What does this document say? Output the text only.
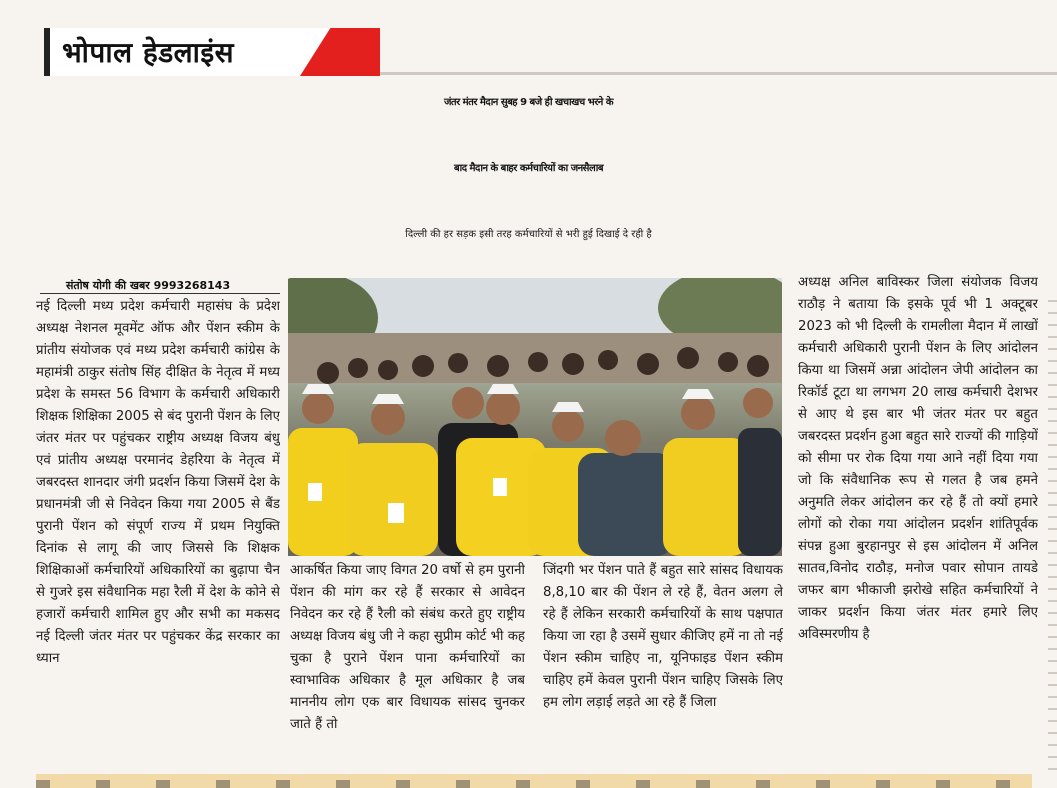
भोपाल हेडलाइंस
जंतर मंतर मैदान सुबह 9 बजे ही खचाखच भरने के
बाद मैदान के बाहर कर्मचारियों का जनसैलाब
दिल्ली की हर सड़क इसी तरह कर्मचारियों से भरी हुई दिखाई दे रही है
संतोष योगी की खबर 9993268143
नई दिल्ली मध्य प्रदेश कर्मचारी महासंघ के प्रदेश अध्यक्ष नेशनल मूवमेंट ऑफ और पेंशन स्कीम के प्रांतीय संयोजक एवं मध्य प्रदेश कर्मचारी कांग्रेस के महामंत्री ठाकुर संतोष सिंह दीक्षित के नेतृत्व में मध्य प्रदेश के समस्त 56 विभाग के कर्मचारी अधिकारी शिक्षक शिक्षिका 2005 से बंद पुरानी पेंशन के लिए जंतर मंतर पर पहुंचकर राष्ट्रीय अध्यक्ष विजय बंधु एवं प्रांतीय अध्यक्ष परमानंद डेहरिया के नेतृत्व में जबरदस्त शानदार जंगी प्रदर्शन किया जिसमें देश के प्रधानमंत्री जी से निवेदन किया गया 2005 से बैंड पुरानी पेंशन को संपूर्ण राज्य में प्रथम नियुक्ति दिनांक से लागू की जाए जिससे कि शिक्षक शिक्षिकाओं कर्मचारियों अधिकारियों का बुढ़ापा चैन से गुजरे इस संवैधानिक महा रैली में देश के कोने से हजारों कर्मचारी शामिल हुए और सभी का मकसद नई दिल्ली जंतर मंतर पर पहुंचकर केंद्र सरकार का ध्यान
आकर्षित किया जाए विगत 20 वर्षो से हम पुरानी पेंशन की मांग कर रहे हैं सरकार से आवेदन निवेदन कर रहे हैं रैली को संबंध करते हुए राष्ट्रीय अध्यक्ष विजय बंधु जी ने कहा सुप्रीम कोर्ट भी कह चुका है पुराने पेंशन पाना कर्मचारियों का स्वाभाविक अधिकार है मूल अधिकार है जब माननीय लोग एक बार विधायक सांसद चुनकर जाते हैं तो
जिंदगी भर पेंशन पाते हैं बहुत सारे सांसद विधायक 8,8,10 बार की पेंशन ले रहे हैं, वेतन अलग ले रहे हैं लेकिन सरकारी कर्मचारियों के साथ पक्षपात किया जा रहा है उसमें सुधार कीजिए हमें ना तो नई पेंशन स्कीम चाहिए ना, यूनिफाइड पेंशन स्कीम चाहिए हमें केवल पुरानी पेंशन चाहिए जिसके लिए हम लोग लड़ाई लड़ते आ रहे हैं जिला
अध्यक्ष अनिल बाविस्कर जिला संयोजक विजय राठौड़ ने बताया कि इसके पूर्व भी 1 अक्टूबर 2023 को भी दिल्ली के रामलीला मैदान में लाखों कर्मचारी अधिकारी पुरानी पेंशन के लिए आंदोलन किया था जिसमें अन्ना आंदोलन जेपी आंदोलन का रिकॉर्ड टूटा था लगभग 20 लाख कर्मचारी देशभर से आए थे इस बार भी जंतर मंतर पर बहुत जबरदस्त प्रदर्शन हुआ बहुत सारे राज्यों की गाड़ियों को सीमा पर रोक दिया गया आने नहीं दिया गया जो कि संवैधानिक रूप से गलत है जब हमने अनुमति लेकर आंदोलन कर रहे हैं तो क्यों हमारे लोगों को रोका गया आंदोलन प्रदर्शन शांतिपूर्वक संपन्न हुआ बुरहानपुर से इस आंदोलन में अनिल सातव,विनोद राठौड़, मनोज पवार सोपान तायडे जफर बाग भीकाजी झरोखे सहित कर्मचारियों ने जाकर प्रदर्शन किया जंतर मंतर हमारे लिए अविस्मरणीय है
